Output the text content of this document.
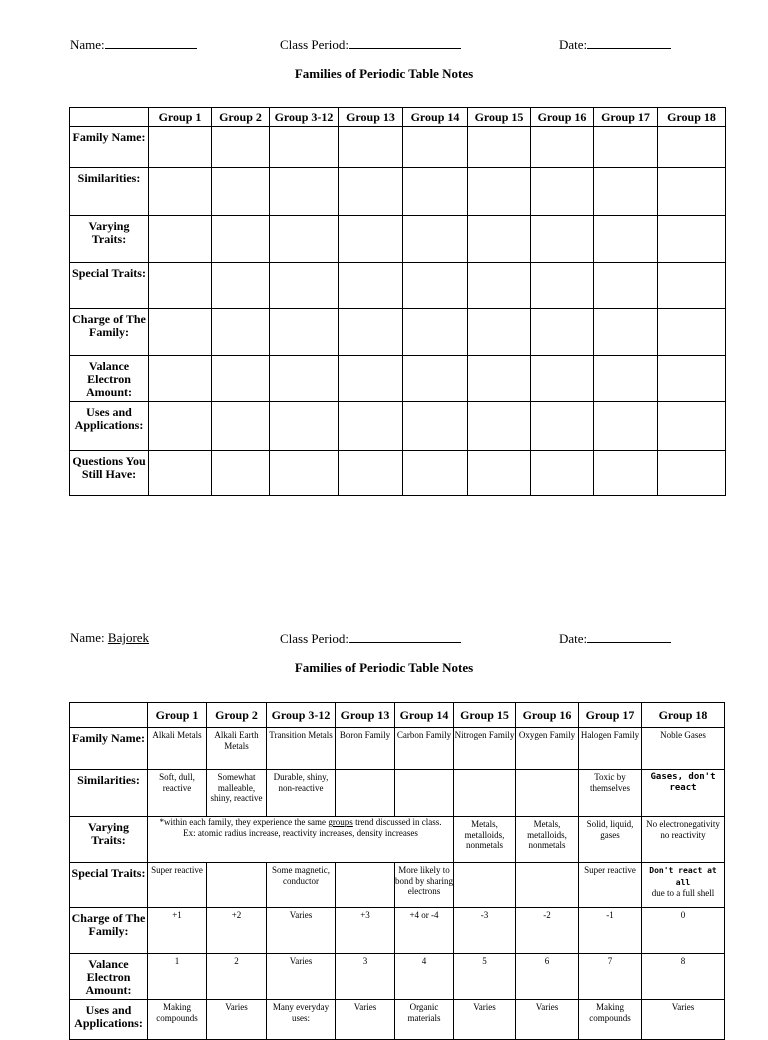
Name:	Class Period:	Date:
Families of Periodic Table Notes
	Group 1	Group 2	Group 3-12	Group 13	Group 14	Group 15	Group 16	Group 17	Group 18
Family Name:									
Similarities:									
Varying Traits:									
Special Traits:									
Charge of The Family:									
Valance Electron Amount:									
Uses and Applications:									
Questions You Still Have:									
Name: Bajorek	Class Period:	Date:
Families of Periodic Table Notes
	Group 1	Group 2	Group 3-12	Group 13	Group 14	Group 15	Group 16	Group 17	Group 18
Family Name:	Alkali Metals	Alkali Earth Metals	Transition Metals	Boron Family	Carbon Family	Nitrogen Family	Oxygen Family	Halogen Family	Noble Gases
Similarities:	Soft, dull, reactive	Somewhat malleable, shiny, reactive	Durable, shiny, non-reactive					Toxic by themselves	Gases, don't react
Varying Traits:	*within each family, they experience the same groups trend discussed in class.
Ex: atomic radius increase, reactivity increases, density increases					Metals, metalloids, nonmetals	Metals, metalloids, nonmetals	Solid, liquid, gases	No electronegativity no reactivity
Special Traits:	Super reactive		Some magnetic, conductor		More likely to bond by sharing electrons			Super reactive	Don't react at all
due to a full shell
Charge of The Family:	+1	+2	Varies	+3	+4 or -4	-3	-2	-1	0
Valance Electron Amount:	1	2	Varies	3	4	5	6	7	8
Uses and Applications:	Making compounds	Varies	Many everyday uses:	Varies	Organic materials	Varies	Varies	Making compounds	Varies
